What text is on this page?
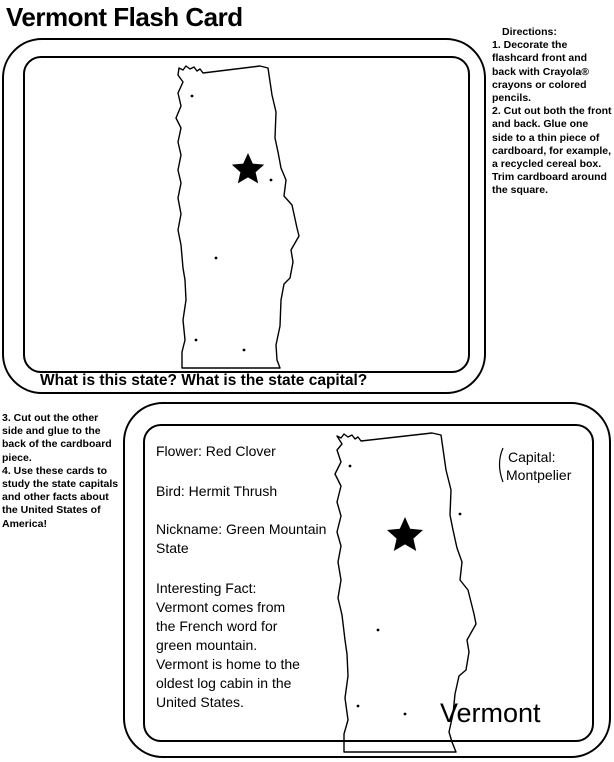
Vermont Flash Card	Directions:
1. Decorate the flashcard front and back with Crayola® crayons or colored pencils.
2. Cut out both the front and back. Glue one side to a thin piece of cardboard, for example, a recycled cereal box. Trim cardboard around the square.
What is this state? What is the state capital?
3. Cut out the other side and glue to the back of the cardboard piece.
4. Use these cards to study the state capitals and other facts about the United States of America!
Flower: Red Clover
Bird: Hermit Thrush
Nickname: Green Mountain State
Interesting Fact: Vermont comes from the French word for green mountain. Vermont is home to the oldest log cabin in the United States.
Capital:
Montpelier
Vermont
